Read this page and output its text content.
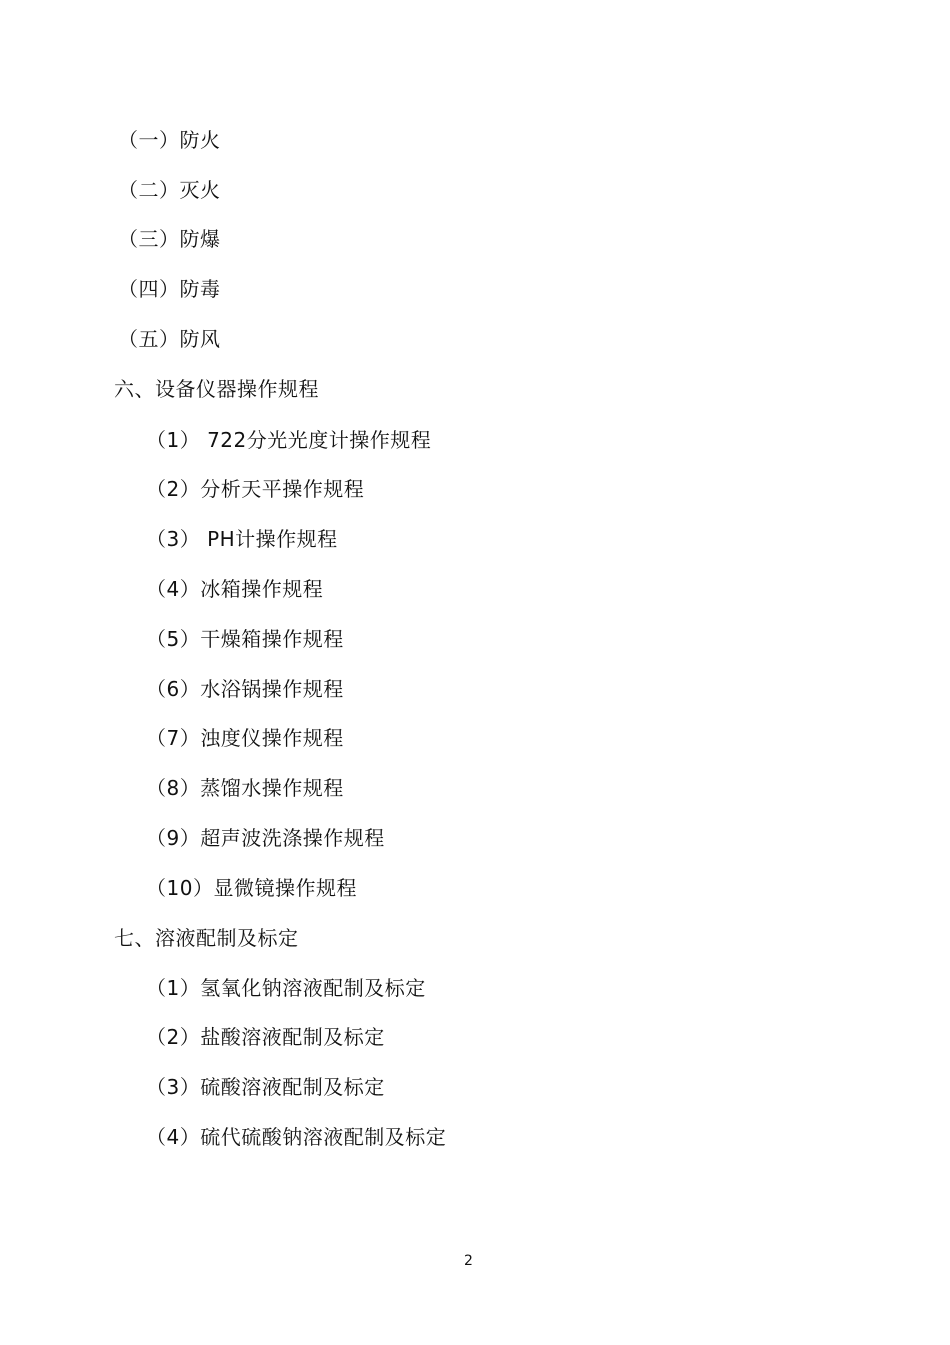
（一）防火
（二）灭火
（三）防爆
（四）防毒
（五）防风
六、设备仪器操作规程
（1） 722分光光度计操作规程
（2）分析天平操作规程
（3） PH计操作规程
（4）冰箱操作规程
（5）干燥箱操作规程
（6）水浴锅操作规程
（7）浊度仪操作规程
（8）蒸馏水操作规程
（9）超声波洗涤操作规程
（10）显微镜操作规程
七、溶液配制及标定
（1）氢氧化钠溶液配制及标定
（2）盐酸溶液配制及标定
（3）硫酸溶液配制及标定
（4）硫代硫酸钠溶液配制及标定
2
